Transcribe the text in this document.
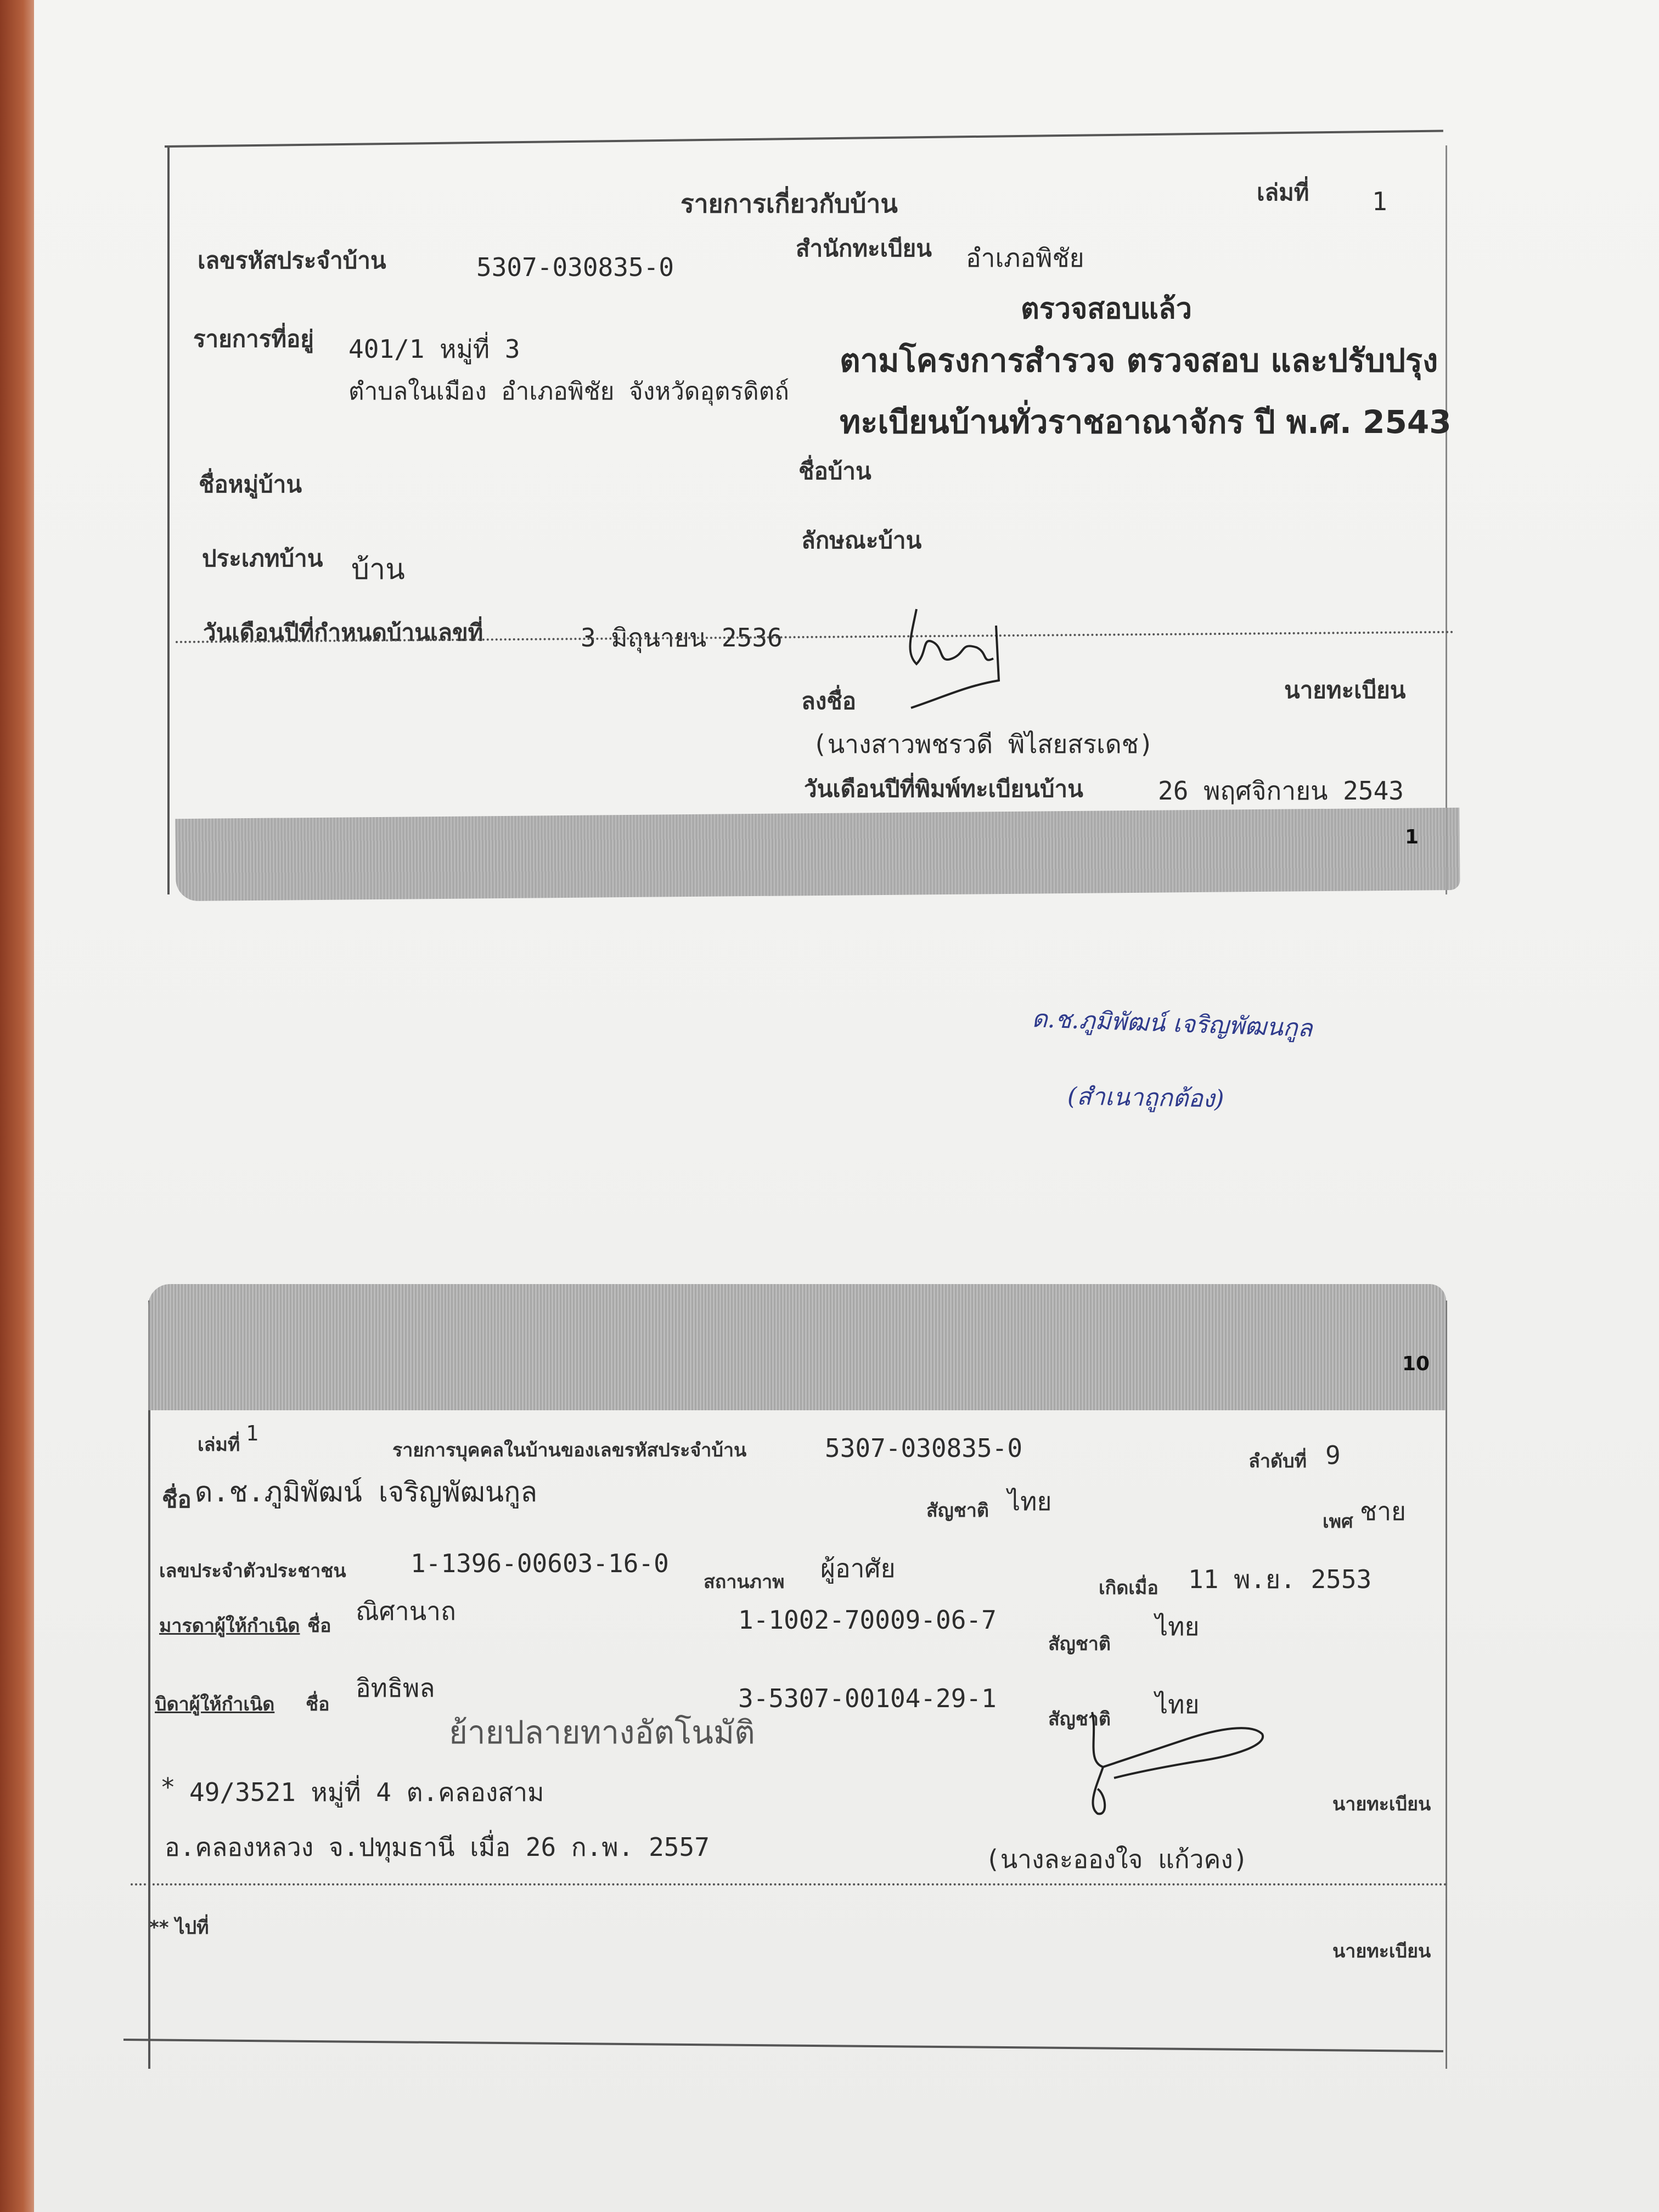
รายการเกี่ยวกับบ้าน	เล่มที่ 1
เลขรหัสประจำบ้าน	5307-030835-0
สำนักทะเบียน อำเภอพิชัย
ตรวจสอบแล้ว
รายการที่อยู่ 401/1 หมู่ที่ 3
ตำบลในเมือง อำเภอพิชัย จังหวัดอุตรดิตถ์
ตามโครงการสำรวจ ตรวจสอบ และปรับปรุง
ทะเบียนบ้านทั่วราชอาณาจักร ปี พ.ศ. 2543
ชื่อหมู่บ้าน	ชื่อบ้าน
ประเภทบ้าน บ้าน
ลักษณะบ้าน
วันเดือนปีที่กำหนดบ้านเลขที่	3 มิถุนายน 2536
ลงชื่อ	นายทะเบียน
(นางสาวพชรวดี พิไสยสรเดช)
วันเดือนปีที่พิมพ์ทะเบียนบ้าน	26 พฤศจิกายน 2543
1
ด.ช.ภูมิพัฒน์ เจริญพัฒนกูล
(สำเนาถูกต้อง)
10
เล่มที่ 1
รายการบุคคลในบ้านของเลขรหัสประจำบ้าน	5307-030835-0	ลำดับที่ 9
ชื่อ ด.ช.ภูมิพัฒน์ เจริญพัฒนกูล
สัญชาติ ไทย
เพศ ชาย
เลขประจำตัวประชาชน	1-1396-00603-16-0
สถานภาพ ผู้อาศัย
เกิดเมื่อ 11 พ.ย. 2553
มารดาผู้ให้กำเนิด ชื่อ ณิศานาถ	1-1002-70009-06-7
สัญชาติ
ไทย
บิดาผู้ให้กำเนิด ชื่อ
อิทธิพล	3-5307-00104-29-1
สัญชาติ ไทย
ย้ายปลายทางอัตโนมัติ
* 49/3521 หมู่ที่ 4 ต.คลองสาม
อ.คลองหลวง จ.ปทุมธานี เมื่อ 26 ก.พ. 2557
นายทะเบียน
(นางละอองใจ แก้วคง)
** ไปที่
นายทะเบียน
